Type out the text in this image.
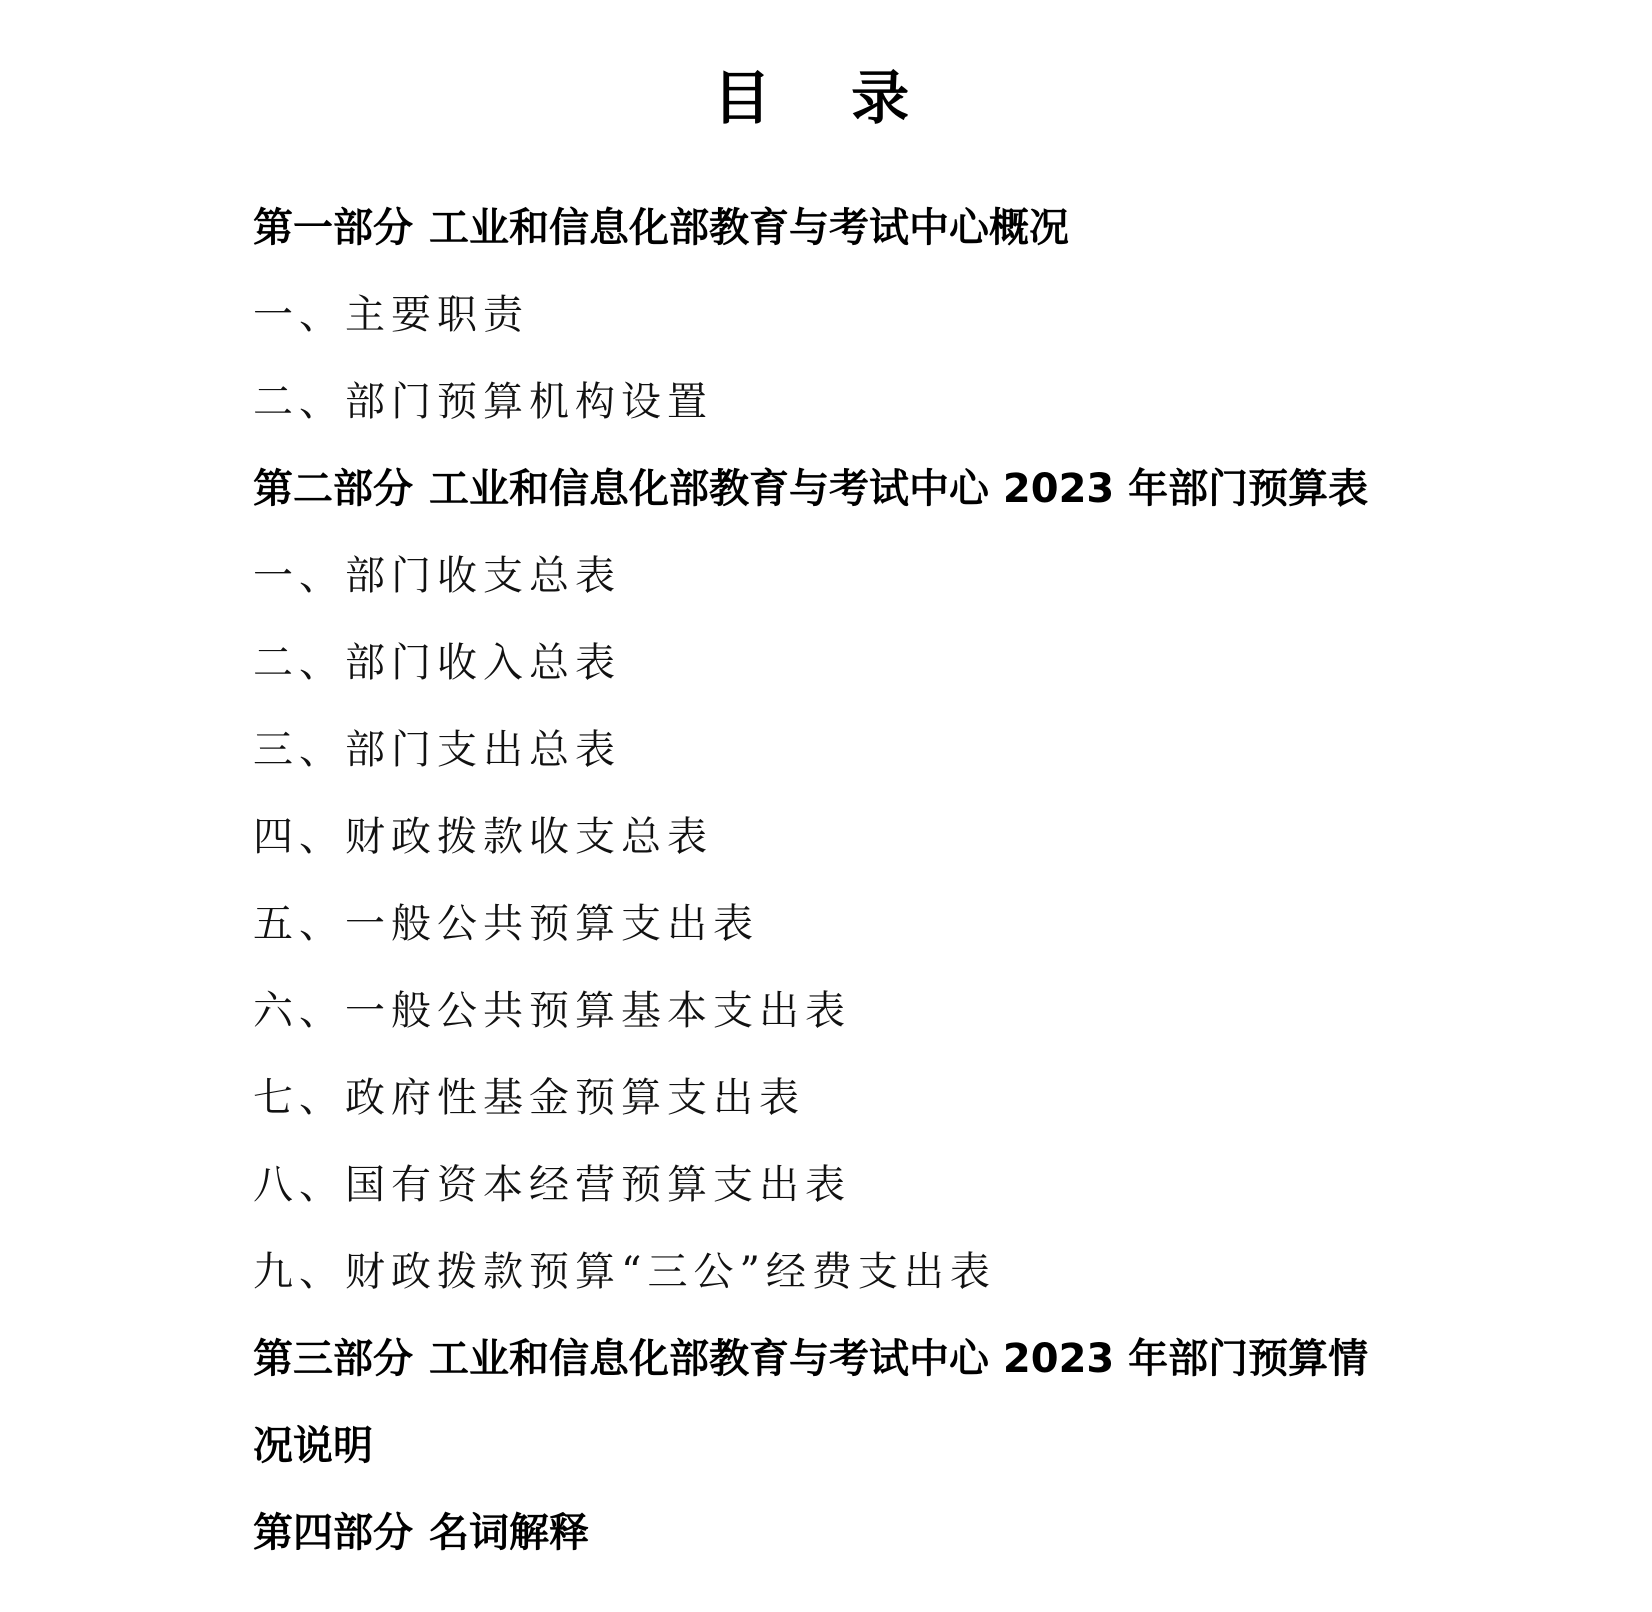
目 录
第一部分 工业和信息化部教育与考试中心概况
一、主要职责
二、部门预算机构设置
第二部分 工业和信息化部教育与考试中心 2023 年部门预算表
一、部门收支总表
二、部门收入总表
三、部门支出总表
四、财政拨款收支总表
五、一般公共预算支出表
六、一般公共预算基本支出表
七、政府性基金预算支出表
八、国有资本经营预算支出表
九、财政拨款预算“三公”经费支出表
第三部分 工业和信息化部教育与考试中心 2023 年部门预算情
况说明
第四部分 名词解释
